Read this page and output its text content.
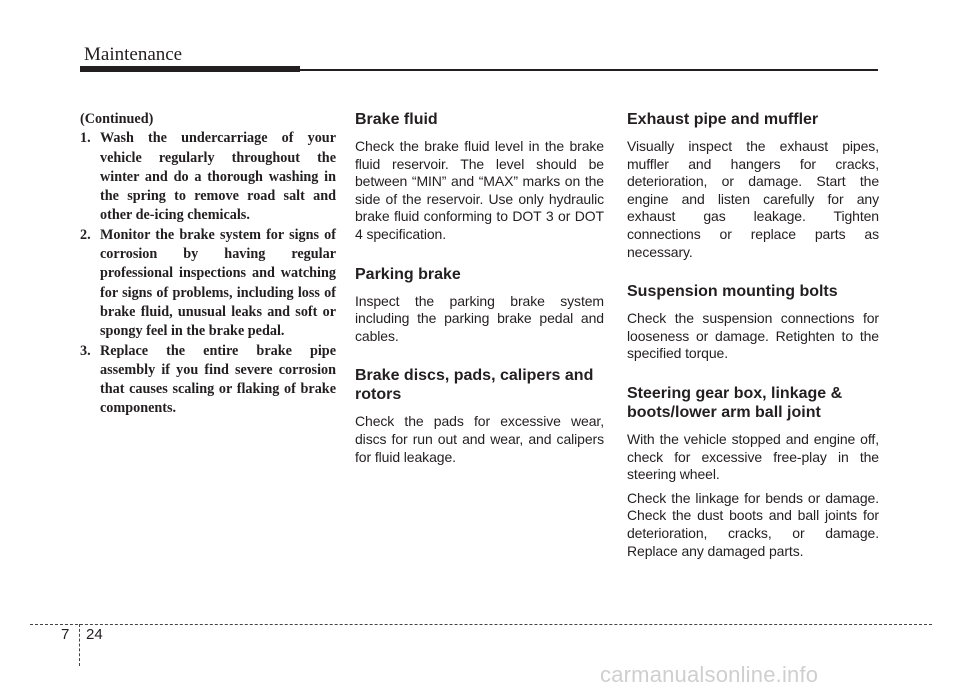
Maintenance

(Continued)

1. Wash the undercarriage of your vehicle regularly throughout the winter and do a thorough washing in the spring to remove road salt and other de-icing chemicals.
2. Monitor the brake system for signs of corrosion by having regular professional inspections and watching for signs of problems, including loss of brake fluid, unusual leaks and soft or spongy feel in the brake pedal.
3. Replace the entire brake pipe assembly if you find severe corrosion that causes scaling or flaking of brake components.
Brake fluid

Check the brake fluid level in the brake fluid reservoir. The level should be between “MIN” and “MAX” marks on the side of the reservoir. Use only hydraulic brake fluid conforming to DOT 3 or DOT 4 specification.

Parking brake

Inspect the parking brake system including the parking brake pedal and cables.

Brake discs, pads, calipers and rotors

Check the pads for excessive wear, discs for run out and wear, and calipers for fluid leakage.

Exhaust pipe and muffler

Visually inspect the exhaust pipes, muffler and hangers for cracks, deterioration, or damage. Start the engine and listen carefully for any exhaust gas leakage. Tighten connections or replace parts as necessary.

Suspension mounting bolts

Check the suspension connections for looseness or damage. Retighten to the specified torque.

Steering gear box, linkage & boots/lower arm ball joint

With the vehicle stopped and engine off, check for excessive free-play in the steering wheel.

Check the linkage for bends or damage. Check the dust boots and ball joints for deterioration, cracks, or damage. Replace any damaged parts.

7 24
carmanualsonline.info
